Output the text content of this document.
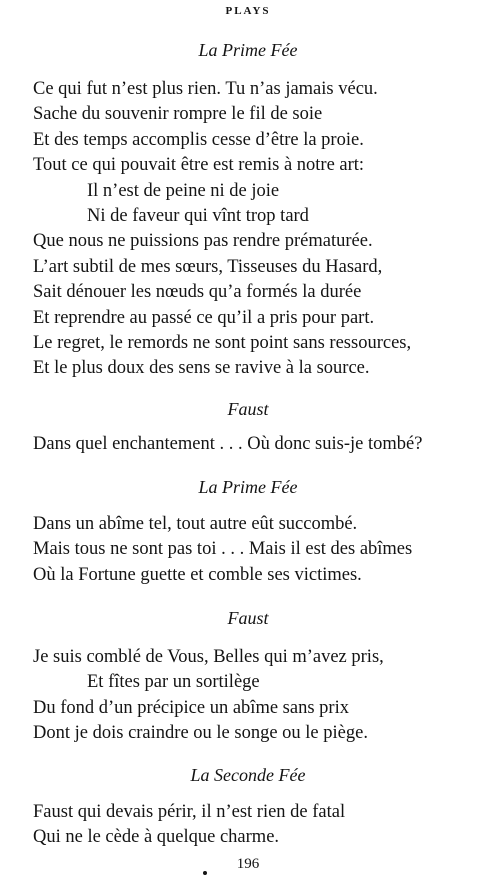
PLAYS
La Prime Fée
Ce qui fut n’est plus rien. Tu n’as jamais vécu.
Sache du souvenir rompre le fil de soie
Et des temps accomplis cesse d’être la proie.
Tout ce qui pouvait être est remis à notre art:
Il n’est de peine ni de joie
Ni de faveur qui vînt trop tard
Que nous ne puissions pas rendre prématurée.
L’art subtil de mes sœurs, Tisseuses du Hasard,
Sait dénouer les nœuds qu’a formés la durée
Et reprendre au passé ce qu’il a pris pour part.
Le regret, le remords ne sont point sans ressources,
Et le plus doux des sens se ravive à la source.
Faust
Dans quel enchantement . . . Où donc suis-je tombé?
La Prime Fée
Dans un abîme tel, tout autre eût succombé.
Mais tous ne sont pas toi . . . Mais il est des abîmes
Où la Fortune guette et comble ses victimes.
Faust
Je suis comblé de Vous, Belles qui m’avez pris,
Et fîtes par un sortilège
Du fond d’un précipice un abîme sans prix
Dont je dois craindre ou le songe ou le piège.
La Seconde Fée
Faust qui devais périr, il n’est rien de fatal
Qui ne le cède à quelque charme.
196
